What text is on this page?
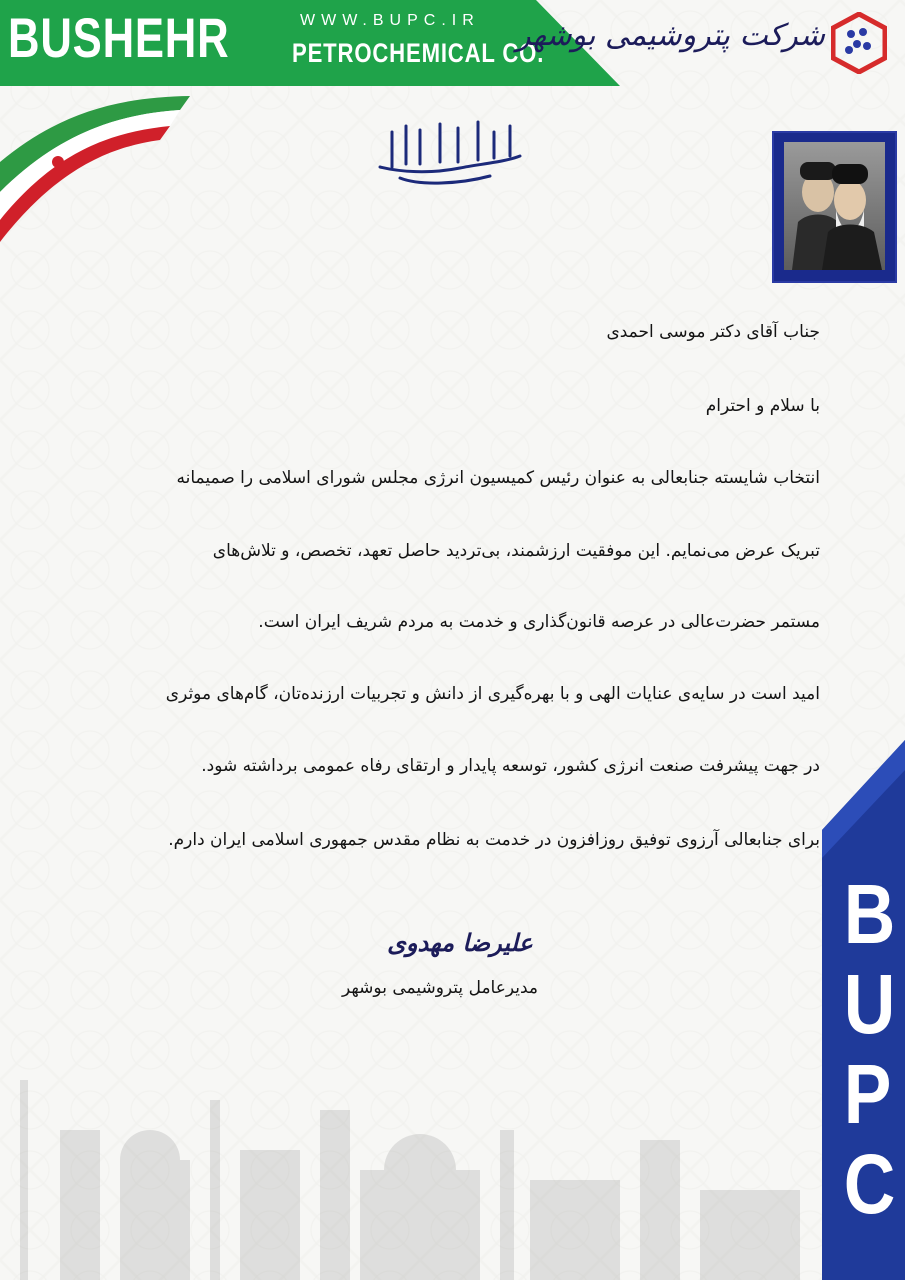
BUSHEHR	WWW.BUPC.IR
PETROCHEMICAL CO.
شرکت پتروشیمی بوشهر
جناب آقای دکتر موسی احمدی
با سلام و احترام
انتخاب شایسته جنابعالی به عنوان رئیس کمیسیون انرژی مجلس شورای اسلامی را صمیمانه
تبریک عرض می‌نمایم. این موفقیت ارزشمند، بی‌تردید حاصل تعهد، تخصص، و تلاش‌های
مستمر حضرت‌عالی در عرصه قانون‌گذاری و خدمت به مردم شریف ایران است.
امید است در سایه‌ی عنایات الهی و با بهره‌گیری از دانش و تجربیات ارزنده‌تان، گام‌های موثری
در جهت پیشرفت صنعت انرژی کشور، توسعه پایدار و ارتقای رفاه عمومی برداشته شود.
برای جنابعالی آرزوی توفیق روزافزون در خدمت به نظام مقدس جمهوری اسلامی ایران دارم.
علیرضا مهدوی
مدیرعامل پتروشیمی بوشهر
B
U
P
C
